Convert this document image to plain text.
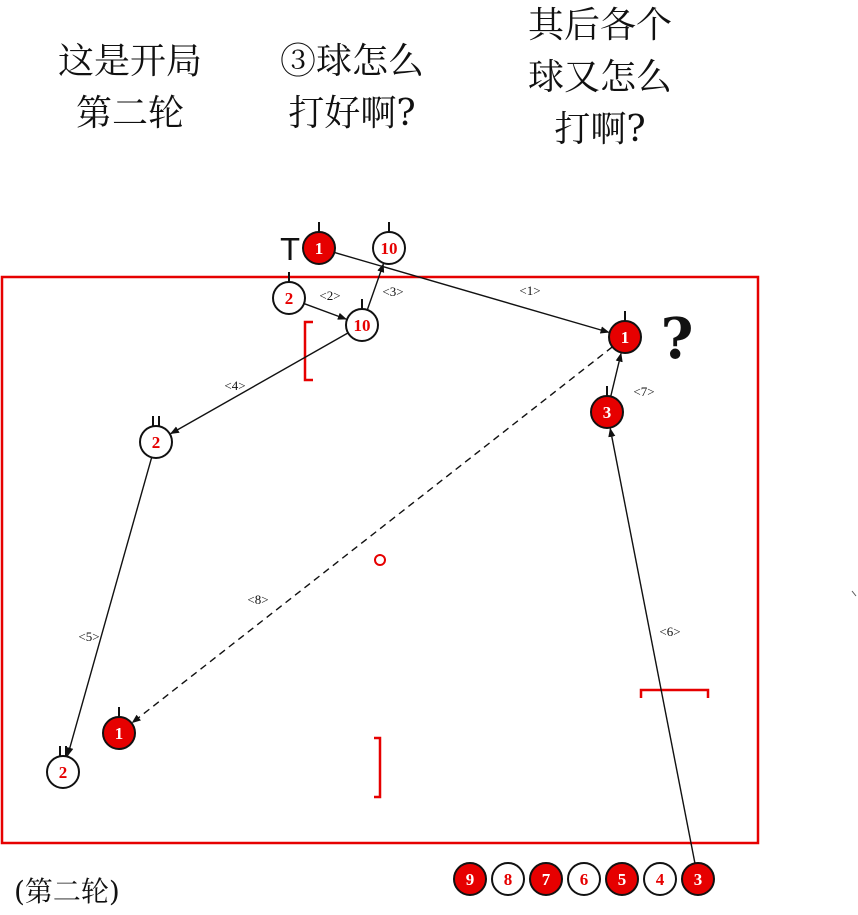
这是开局
第二轮
③球怎么
打好啊?
其后各个
球又怎么
打啊?
T
?
<1>
<2>	<3>
<4>
<5>	<6>
<7>
<8>
1	10
2
10
1
3
2
1
2
9 8 7 6 5 4 3
(第二轮)
